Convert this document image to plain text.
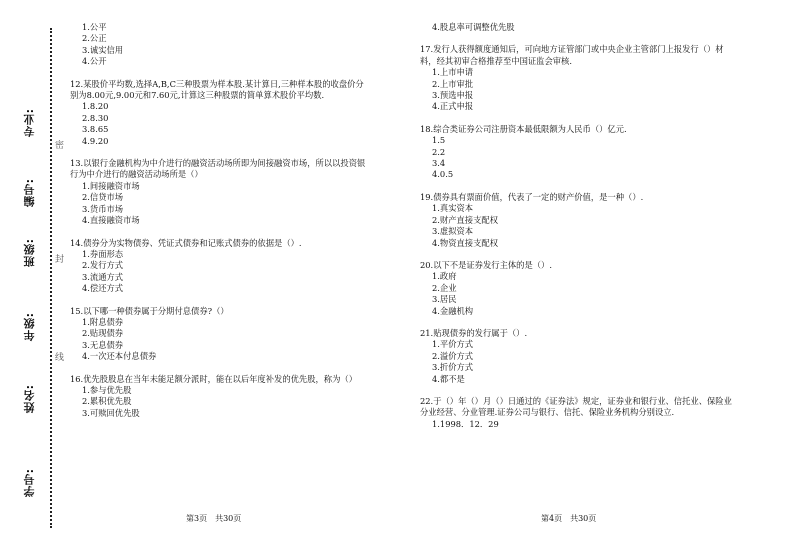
专业:
编号:
班级:
年级:
姓名:
学号:
密
封
线
1.公平
2.公正
3.诚实信用
4.公开
12.某股价平均数,选择A,B,C三种股票为样本股.某计算日,三种样本股的收盘价分别为8.00元,9.00元和7.60元,计算这三种股票的简单算术股价平均数.
1.8.20
2.8.30
3.8.65
4.9.20
13.以银行金融机构为中介进行的融资活动场所即为间接融资市场，所以以投资银行为中介进行的融资活动场所是（）
1.间接融资市场
2.信贷市场
3.货币市场
4.直接融资市场
14.债券分为实物债券、凭证式债券和记账式债券的依据是（）.
1.券面形态
2.发行方式
3.流通方式
4.偿还方式
15.以下哪一种债券属于分期付息债券?（）
1.附息债券
2.贴现债券
3.无息债券
4.一次还本付息债券
16.优先股股息在当年未能足额分派时，能在以后年度补发的优先股，称为（）
1.参与优先股
2.累积优先股
3.可赎回优先股
4.股息率可调整优先股
17.发行人获得额度通知后，可向地方证管部门或中央企业主管部门上报发行（）材料，经其初审合格推荐至中国证监会审核.
1.上市申请
2.上市审批
3.预选申报
4.正式申报
18.综合类证券公司注册资本最低限额为人民币（）亿元.
1.5
2.2
3.4
4.0.5
19.债券具有票面价值，代表了一定的财产价值，是一种（）.
1.真实资本
2.财产直接支配权
3.虚拟资本
4.物资直接支配权
20.以下不是证券发行主体的是（）.
1.政府
2.企业
3.居民
4.金融机构
21.贴现债券的发行属于（）.
1.平价方式
2.溢价方式
3.折价方式
4.都不是
22.于（）年（）月（）日通过的《证券法》规定，证券业和银行业、信托业、保险业分业经营、分业管理.证券公司与银行、信托、保险业务机构分别设立.
1.1998．12．29
第3页　共30页	第4页　共30页
